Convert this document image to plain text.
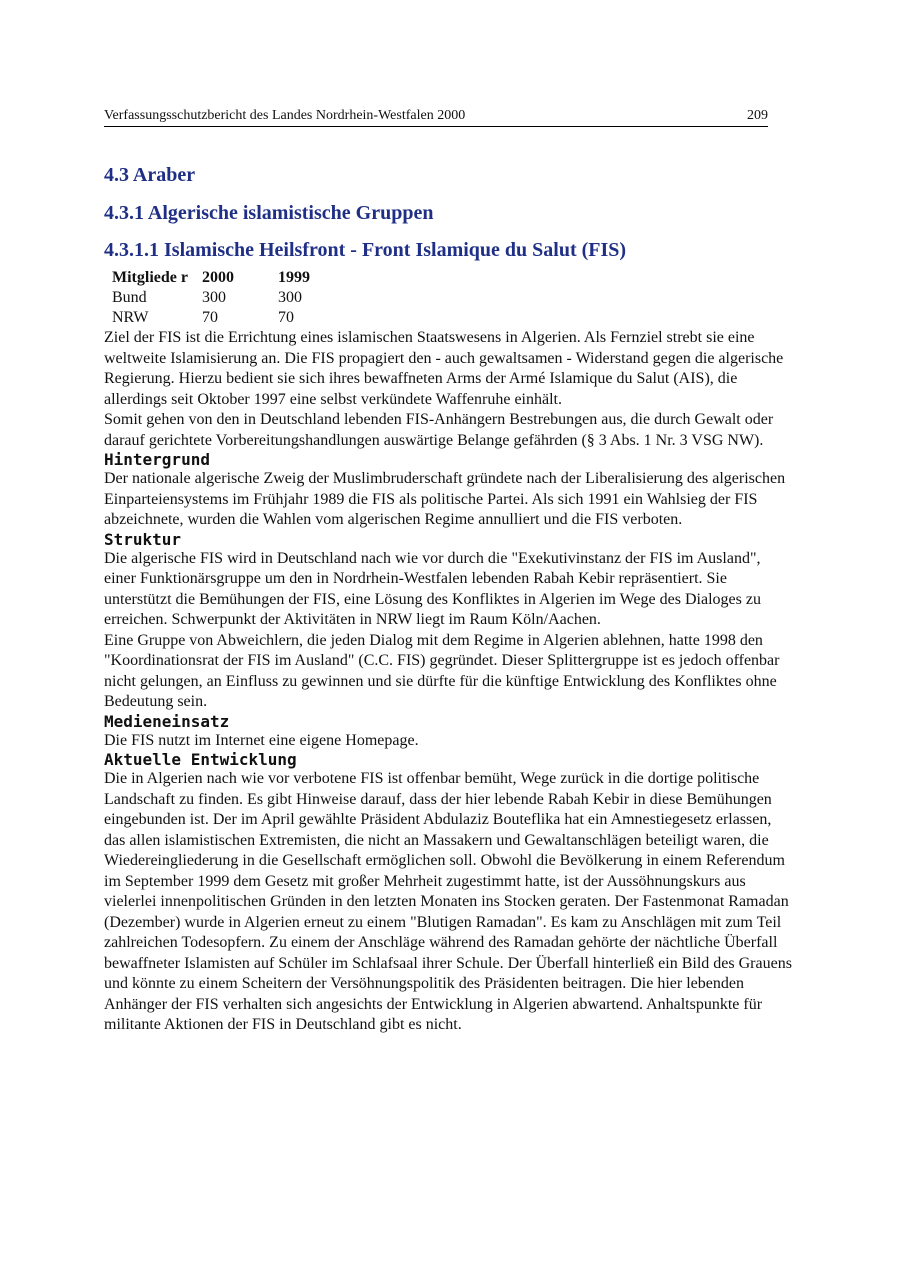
Verfassungsschutzbericht des Landes Nordrhein-Westfalen 2000	209
4.3 Araber
4.3.1 Algerische islamistische Gruppen
4.3.1.1 Islamische Heilsfront - Front Islamique du Salut (FIS)
Mitgliede r	2000	1999
Bund	300	300
NRW	70	70

Ziel der FIS ist die Errichtung eines islamischen Staatswesens in Algerien. Als Fernziel strebt sie eine weltweite Islamisierung an. Die FIS propagiert den - auch gewaltsamen - Widerstand gegen die algerische Regierung. Hierzu bedient sie sich ihres bewaffneten Arms der Armé Islamique du Salut (AIS), die allerdings seit Oktober 1997 eine selbst verkündete Waffenruhe einhält.

Somit gehen von den in Deutschland lebenden FIS-Anhängern Bestrebungen aus, die durch Gewalt oder darauf gerichtete Vorbereitungshandlungen auswärtige Belange gefährden (§ 3 Abs. 1 Nr. 3 VSG NW).

Hintergrund

Der nationale algerische Zweig der Muslimbruderschaft gründete nach der Liberalisierung des algerischen Einparteiensystems im Frühjahr 1989 die FIS als politische Partei. Als sich 1991 ein Wahlsieg der FIS abzeichnete, wurden die Wahlen vom algerischen Regime annulliert und die FIS verboten.

Struktur

Die algerische FIS wird in Deutschland nach wie vor durch die "Exekutivinstanz der FIS im Ausland", einer Funktionärsgruppe um den in Nordrhein-Westfalen lebenden Rabah Kebir repräsentiert. Sie unterstützt die Bemühungen der FIS, eine Lösung des Konfliktes in Algerien im Wege des Dialoges zu erreichen. Schwerpunkt der Aktivitäten in NRW liegt im Raum Köln/Aachen.

Eine Gruppe von Abweichlern, die jeden Dialog mit dem Regime in Algerien ablehnen, hatte 1998 den "Koordinationsrat der FIS im Ausland" (C.C. FIS) gegründet. Dieser Splittergruppe ist es jedoch offenbar nicht gelungen, an Einfluss zu gewinnen und sie dürfte für die künftige Entwicklung des Konfliktes ohne Bedeutung sein.

Medieneinsatz

Die FIS nutzt im Internet eine eigene Homepage.

Aktuelle Entwicklung

Die in Algerien nach wie vor verbotene FIS ist offenbar bemüht, Wege zurück in die dortige politische Landschaft zu finden. Es gibt Hinweise darauf, dass der hier lebende Rabah Kebir in diese Bemühungen eingebunden ist. Der im April gewählte Präsident Abdulaziz Bouteflika hat ein Amnestiegesetz erlassen, das allen islamistischen Extremisten, die nicht an Massakern und Gewaltanschlägen beteiligt waren, die Wiedereingliederung in die Gesellschaft ermöglichen soll. Obwohl die Bevölkerung in einem Referendum im September 1999 dem Gesetz mit großer Mehrheit zugestimmt hatte, ist der Aussöhnungskurs aus vielerlei innenpolitischen Gründen in den letzten Monaten ins Stocken geraten. Der Fastenmonat Ramadan (Dezember) wurde in Algerien erneut zu einem "Blutigen Ramadan". Es kam zu Anschlägen mit zum Teil zahlreichen Todesopfern. Zu einem der Anschläge während des Ramadan gehörte der nächtliche Überfall bewaffneter Islamisten auf Schüler im Schlafsaal ihrer Schule. Der Überfall hinterließ ein Bild des Grauens und könnte zu einem Scheitern der Versöhnungspolitik des Präsidenten beitragen. Die hier lebenden Anhänger der FIS verhalten sich angesichts der Entwicklung in Algerien abwartend. Anhaltspunkte für militante Aktionen der FIS in Deutschland gibt es nicht.
